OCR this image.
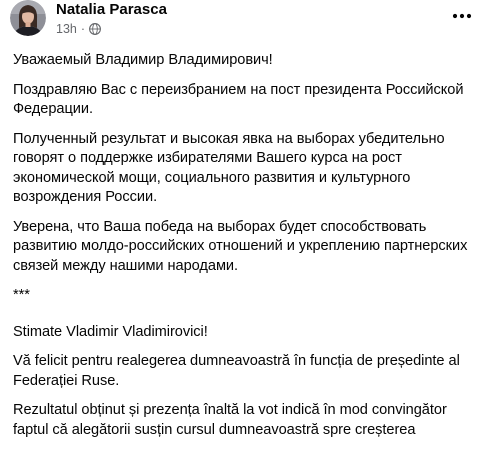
Natalia Parasca
13h ·

Уважаемый Владимир Владимирович!

Поздравляю Вас с переизбранием на пост президента Российской Федерации.

Полученный результат и высокая явка на выборах убедительно говорят о поддержке избирателями Вашего курса на рост экономической мощи, социального развития и культурного возрождения России.

Уверена, что Ваша победа на выборах будет способствовать развитию молдо-российских отношений и укреплению партнерских связей между нашими народами.

***

Stimate Vladimir Vladimirovici!

Vă felicit pentru realegerea dumneavoastră în funcția de președinte al Federației Ruse.

Rezultatul obținut și prezența înaltă la vot indică în mod convingător faptul că alegătorii susțin cursul dumneavoastră spre creșterea
